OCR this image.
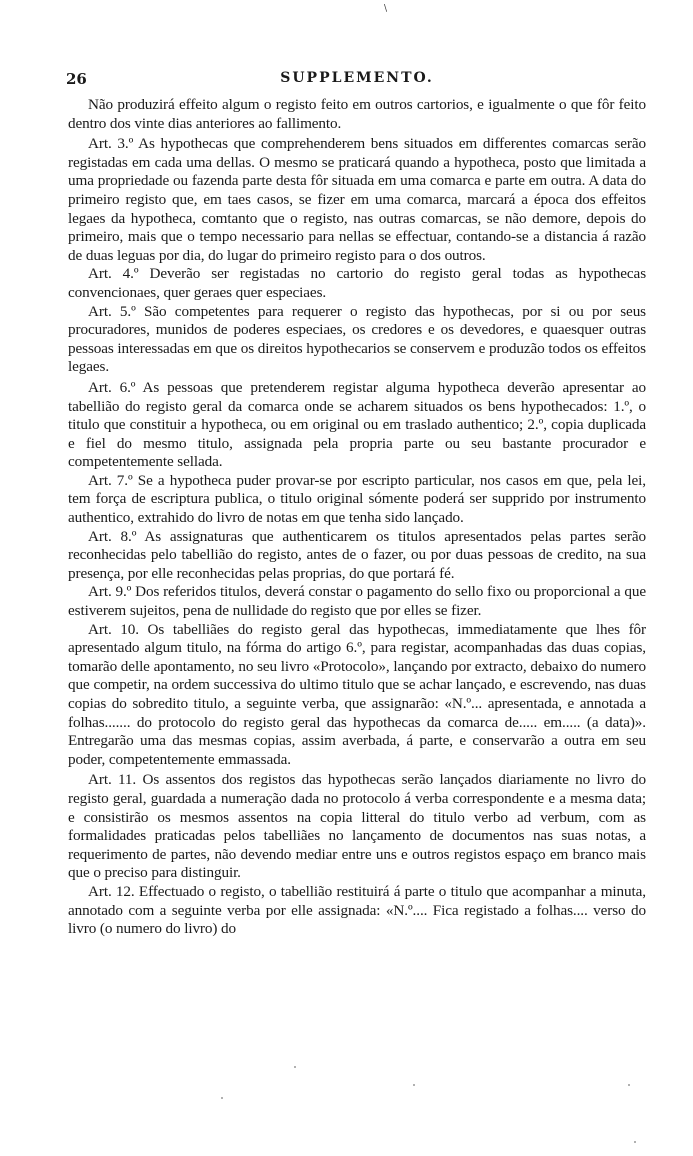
\
26	SUPPLEMENTO.

Não produzirá effeito algum o registo feito em outros cartorios, e igualmente o que fôr feito dentro dos vinte dias anteriores ao fallimento.

Art. 3.º As hypothecas que comprehenderem bens situados em differentes comarcas serão registadas em cada uma dellas. O mesmo se praticará quando a hypotheca, posto que limitada a uma propriedade ou fazenda parte desta fôr situada em uma comarca e parte em outra. A data do primeiro registo que, em taes casos, se fizer em uma comarca, marcará a época dos effeitos legaes da hypotheca, comtanto que o registo, nas outras comarcas, se não demore, depois do primeiro, mais que o tempo necessario para nellas se effectuar, contando-se a distancia á razão de duas leguas por dia, do lugar do primeiro registo para o dos outros.

Art. 4.º Deverão ser registadas no cartorio do registo geral todas as hypothecas convencionaes, quer geraes quer especiaes.

Art. 5.º São competentes para requerer o registo das hypothecas, por si ou por seus procuradores, munidos de poderes especiaes, os credores e os devedores, e quaesquer outras pessoas interessadas em que os direitos hypothecarios se conservem e produzão todos os effeitos legaes.

Art. 6.º As pessoas que pretenderem registar alguma hypotheca deverão apresentar ao tabellião do registo geral da comarca onde se acharem situados os bens hypothecados: 1.º, o titulo que constituir a hypotheca, ou em original ou em traslado authentico; 2.º, copia duplicada e fiel do mesmo titulo, assignada pela propria parte ou seu bastante procurador e competentemente sellada.

Art. 7.º Se a hypotheca puder provar-se por escripto particular, nos casos em que, pela lei, tem força de escriptura publica, o titulo original sómente poderá ser supprido por instrumento authentico, extrahido do livro de notas em que tenha sido lançado.

Art. 8.º As assignaturas que authenticarem os titulos apresentados pelas partes serão reconhecidas pelo tabellião do registo, antes de o fazer, ou por duas pessoas de credito, na sua presença, por elle reconhecidas pelas proprias, do que portará fé.

Art. 9.º Dos referidos titulos, deverá constar o pagamento do sello fixo ou proporcional a que estiverem sujeitos, pena de nullidade do registo que por elles se fizer.

Art. 10. Os tabelliães do registo geral das hypothecas, immediatamente que lhes fôr apresentado algum titulo, na fórma do artigo 6.º, para registar, acompanhadas das duas copias, tomarão delle apontamento, no seu livro «Protocolo», lançando por extracto, debaixo do numero que competir, na ordem successiva do ultimo titulo que se achar lançado, e escrevendo, nas duas copias do sobredito titulo, a seguinte verba, que assignarão: «N.º... apresentada, e annotada a folhas....... do protocolo do registo geral das hypothecas da comarca de..... em..... (a data)». Entregarão uma das mesmas copias, assim averbada, á parte, e conservarão a outra em seu poder, competentemente emmassada.

Art. 11. Os assentos dos registos das hypothecas serão lançados diariamente no livro do registo geral, guardada a numeração dada no protocolo á verba correspondente e a mesma data; e consistirão os mesmos assentos na copia litteral do titulo verbo ad verbum, com as formalidades praticadas pelos tabelliães no lançamento de documentos nas suas notas, a requerimento de partes, não devendo mediar entre uns e outros registos espaço em branco mais que o preciso para distinguir.

Art. 12. Effectuado o registo, o tabellião restituirá á parte o titulo que acompanhar a minuta, annotado com a seguinte verba por elle assignada: «N.º.... Fica registado a folhas.... verso do livro (o numero do livro) do
